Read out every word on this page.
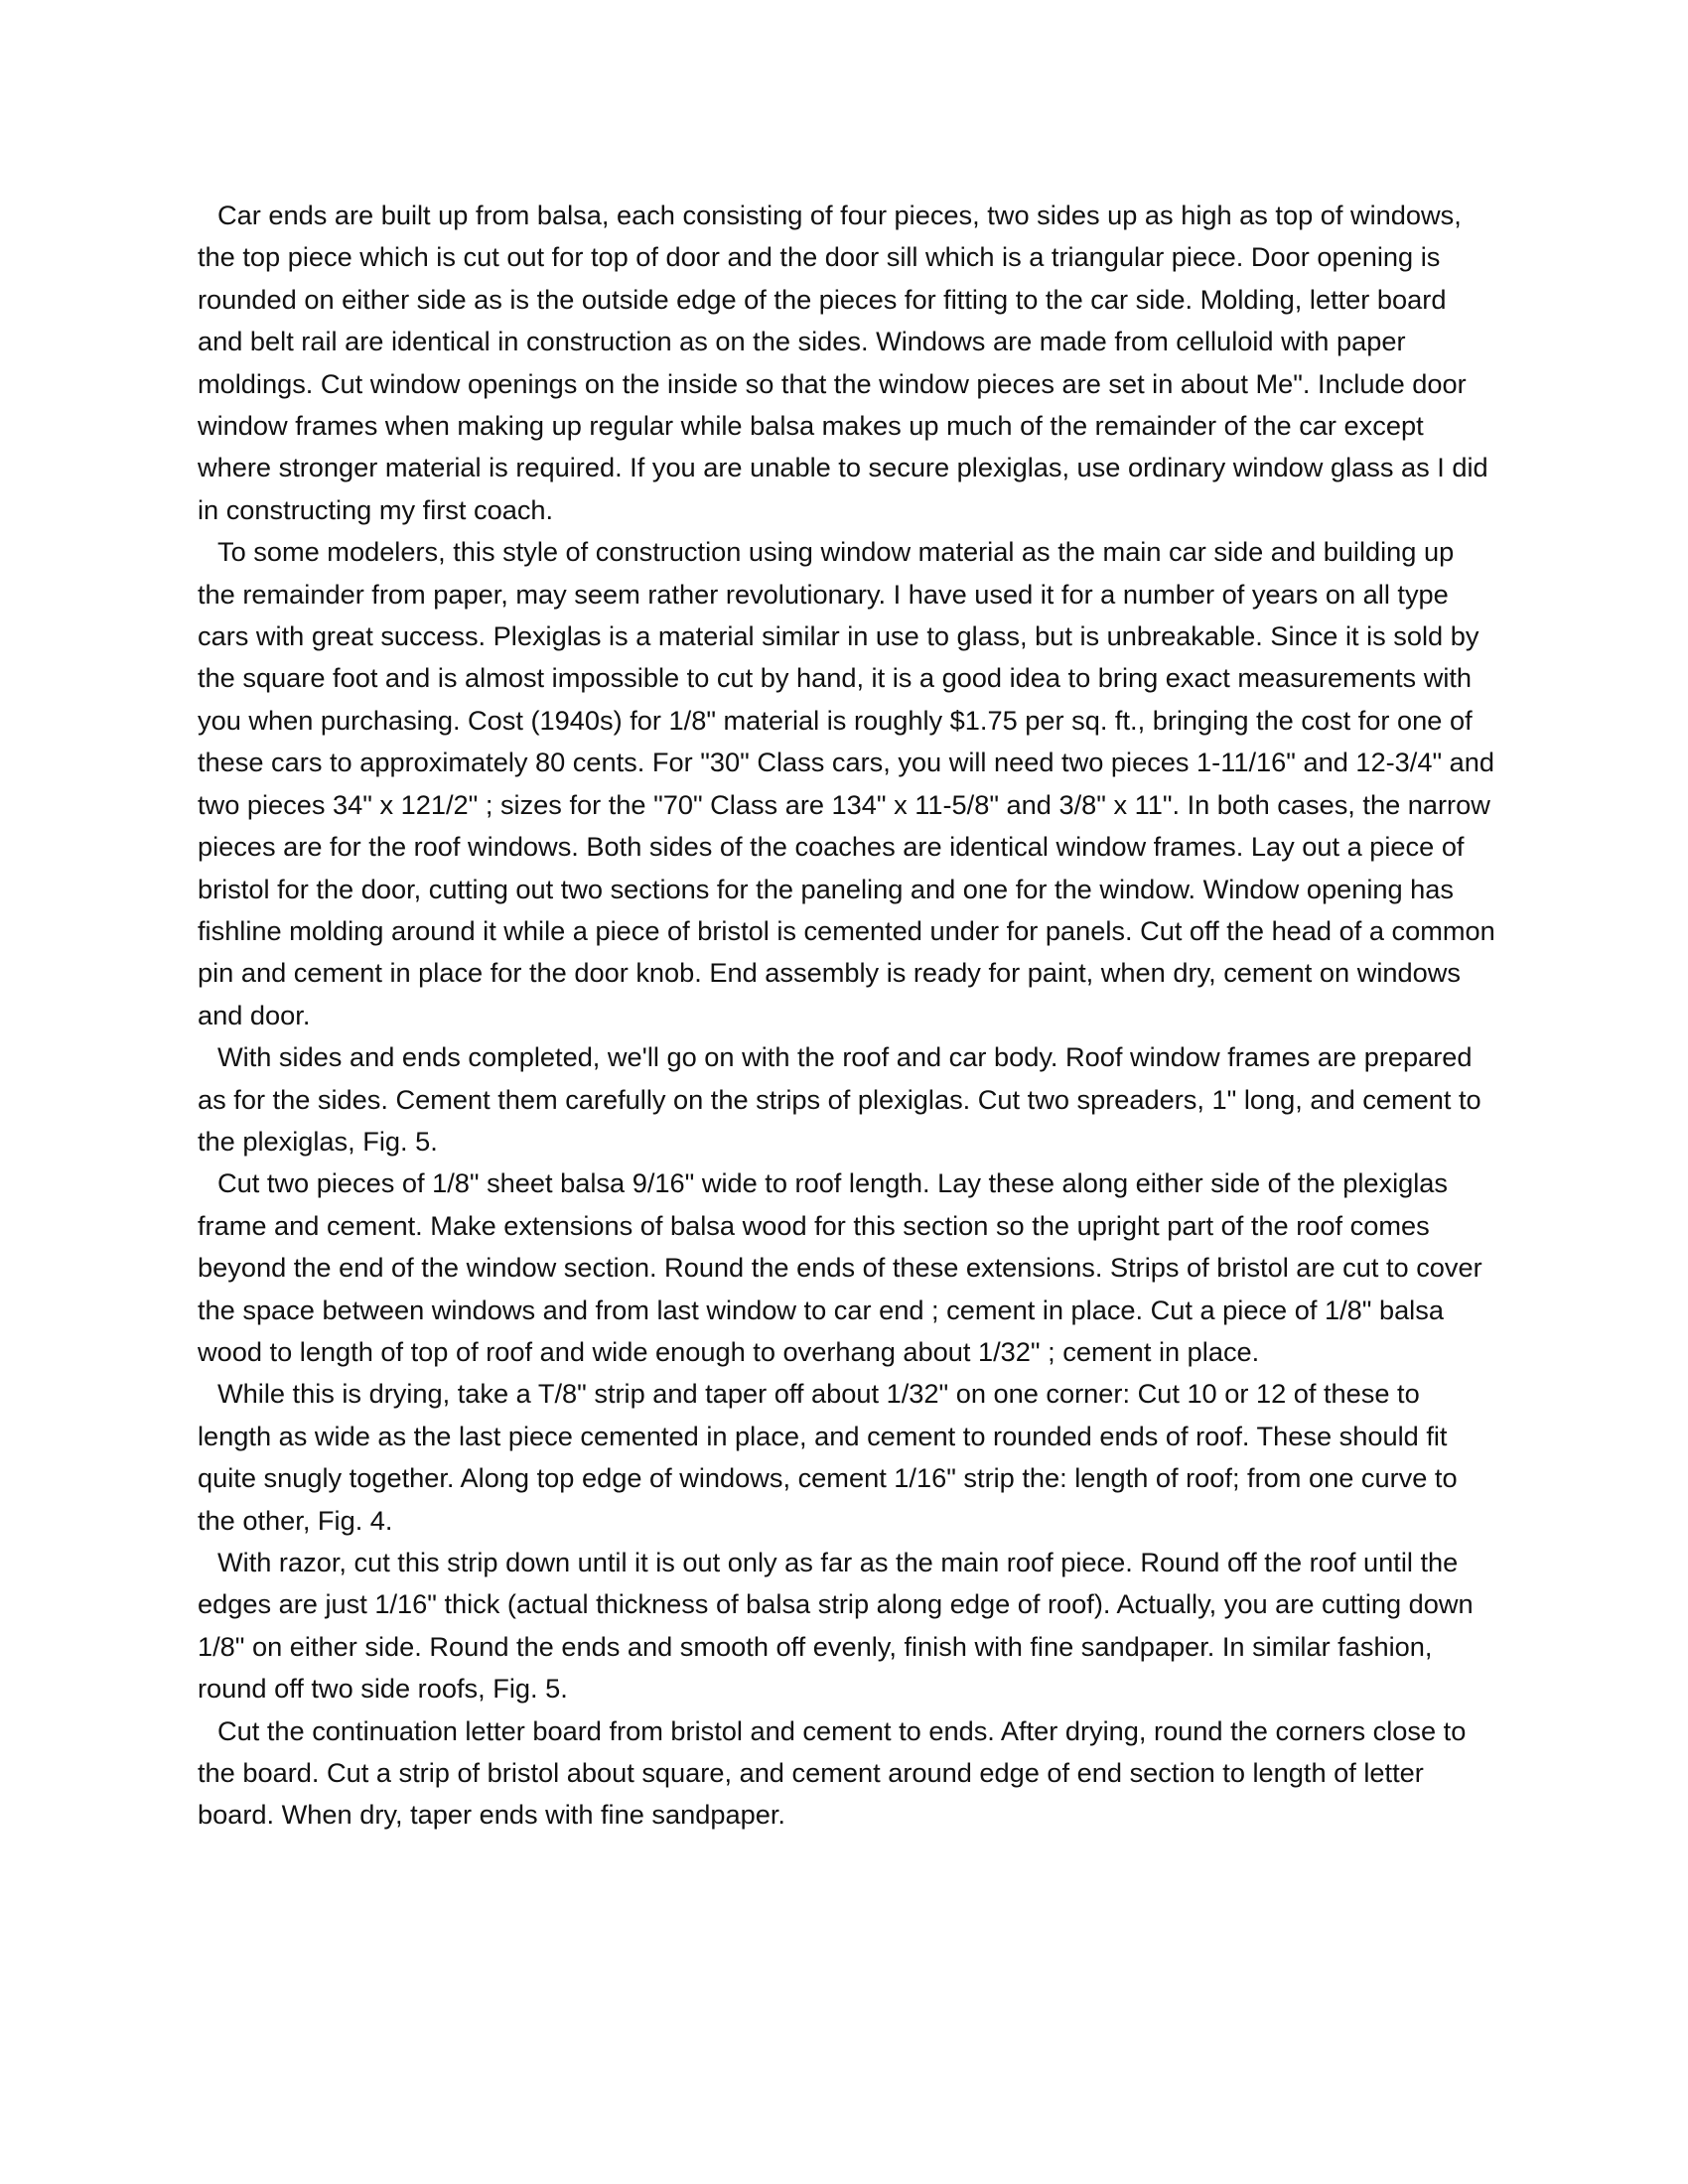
Car ends are built up from balsa, each consisting of four pieces, two sides up as high as top of windows, the top piece which is cut out for top of door and the door sill which is a triangular piece. Door opening is rounded on either side as is the outside edge of the pieces for fitting to the car side. Molding, letter board and belt rail are identical in construction as on the sides. Windows are made from celluloid with paper moldings. Cut window openings on the inside so that the window pieces are set in about Me". Include door window frames when making up regular while balsa makes up much of the remainder of the car except where stronger material is required. If you are unable to secure plexiglas, use ordinary window glass as I did in constructing my first coach.

To some modelers, this style of construction using window material as the main car side and building up the remainder from paper, may seem rather revolutionary. I have used it for a number of years on all type cars with great success. Plexiglas is a material similar in use to glass, but is unbreakable. Since it is sold by the square foot and is almost impossible to cut by hand, it is a good idea to bring exact measurements with you when purchasing. Cost (1940s) for 1/8" material is roughly $1.75 per sq. ft., bringing the cost for one of these cars to approximately 80 cents. For "30" Class cars, you will need two pieces 1-11/16" and 12-3/4" and two pieces 34" x 121/2" ; sizes for the "70" Class are 134" x 11-5/8" and 3/8" x 11". In both cases, the narrow pieces are for the roof windows. Both sides of the coaches are identical window frames. Lay out a piece of bristol for the door, cutting out two sections for the paneling and one for the window. Window opening has fishline molding around it while a piece of bristol is cemented under for panels. Cut off the head of a common pin and cement in place for the door knob. End assembly is ready for paint, when dry, cement on windows and door.

With sides and ends completed, we'll go on with the roof and car body. Roof window frames are prepared as for the sides. Cement them carefully on the strips of plexiglas. Cut two spreaders, 1" long, and cement to the plexiglas, Fig. 5.

Cut two pieces of 1/8" sheet balsa 9/16" wide to roof length. Lay these along either side of the plexiglas frame and cement. Make extensions of balsa wood for this section so the upright part of the roof comes beyond the end of the window section. Round the ends of these extensions. Strips of bristol are cut to cover the space between windows and from last window to car end ; cement in place. Cut a piece of 1/8" balsa wood to length of top of roof and wide enough to overhang about 1/32" ; cement in place.

While this is drying, take a T/8" strip and taper off about 1/32" on one corner: Cut 10 or 12 of these to length as wide as the last piece cemented in place, and cement to rounded ends of roof. These should fit quite snugly together. Along top edge of windows, cement 1/16" strip the: length of roof; from one curve to the other, Fig. 4.

With razor, cut this strip down until it is out only as far as the main roof piece. Round off the roof until the edges are just 1/16" thick (actual thickness of balsa strip along edge of roof). Actually, you are cutting down 1/8" on either side. Round the ends and smooth off evenly, finish with fine sandpaper. In similar fashion, round off two side roofs, Fig. 5.

Cut the continuation letter board from bristol and cement to ends. After drying, round the corners close to the board. Cut a strip of bristol about square, and cement around edge of end section to length of letter board. When dry, taper ends with fine sandpaper.
